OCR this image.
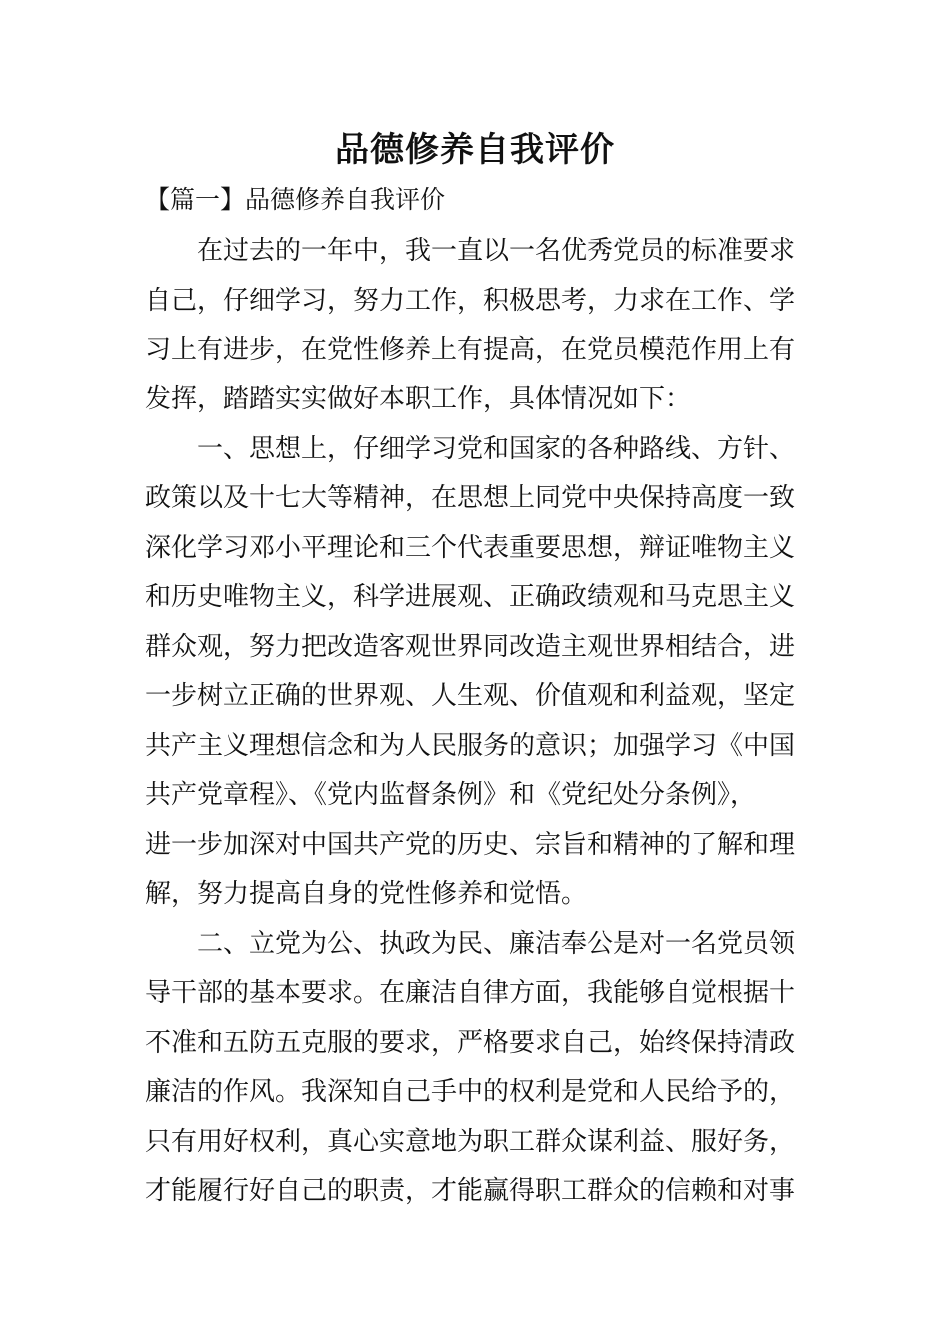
品德修养自我评价
【篇一】品德修养自我评价
在过去的一年中，我一直以一名优秀党员的标准要求
自己，仔细学习，努力工作，积极思考，力求在工作、学
习上有进步，在党性修养上有提高，在党员模范作用上有
发挥，踏踏实实做好本职工作，具体情况如下：
一、思想上，仔细学习党和国家的各种路线、方针、
政策以及十七大等精神，在思想上同党中央保持高度一致
深化学习邓小平理论和三个代表重要思想，辩证唯物主义
和历史唯物主义，科学进展观、正确政绩观和马克思主义
群众观，努力把改造客观世界同改造主观世界相结合，进
一步树立正确的世界观、人生观、价值观和利益观，坚定
共产主义理想信念和为人民服务的意识；加强学习《中国
共产党章程》、《党内监督条例》和《党纪处分条例》，
进一步加深对中国共产党的历史、宗旨和精神的了解和理
解，努力提高自身的党性修养和觉悟。
二、立党为公、执政为民、廉洁奉公是对一名党员领
导干部的基本要求。在廉洁自律方面，我能够自觉根据十
不准和五防五克服的要求，严格要求自己，始终保持清政
廉洁的作风。我深知自己手中的权利是党和人民给予的，
只有用好权利，真心实意地为职工群众谋利益、服好务，
才能履行好自己的职责，才能赢得职工群众的信赖和对事
